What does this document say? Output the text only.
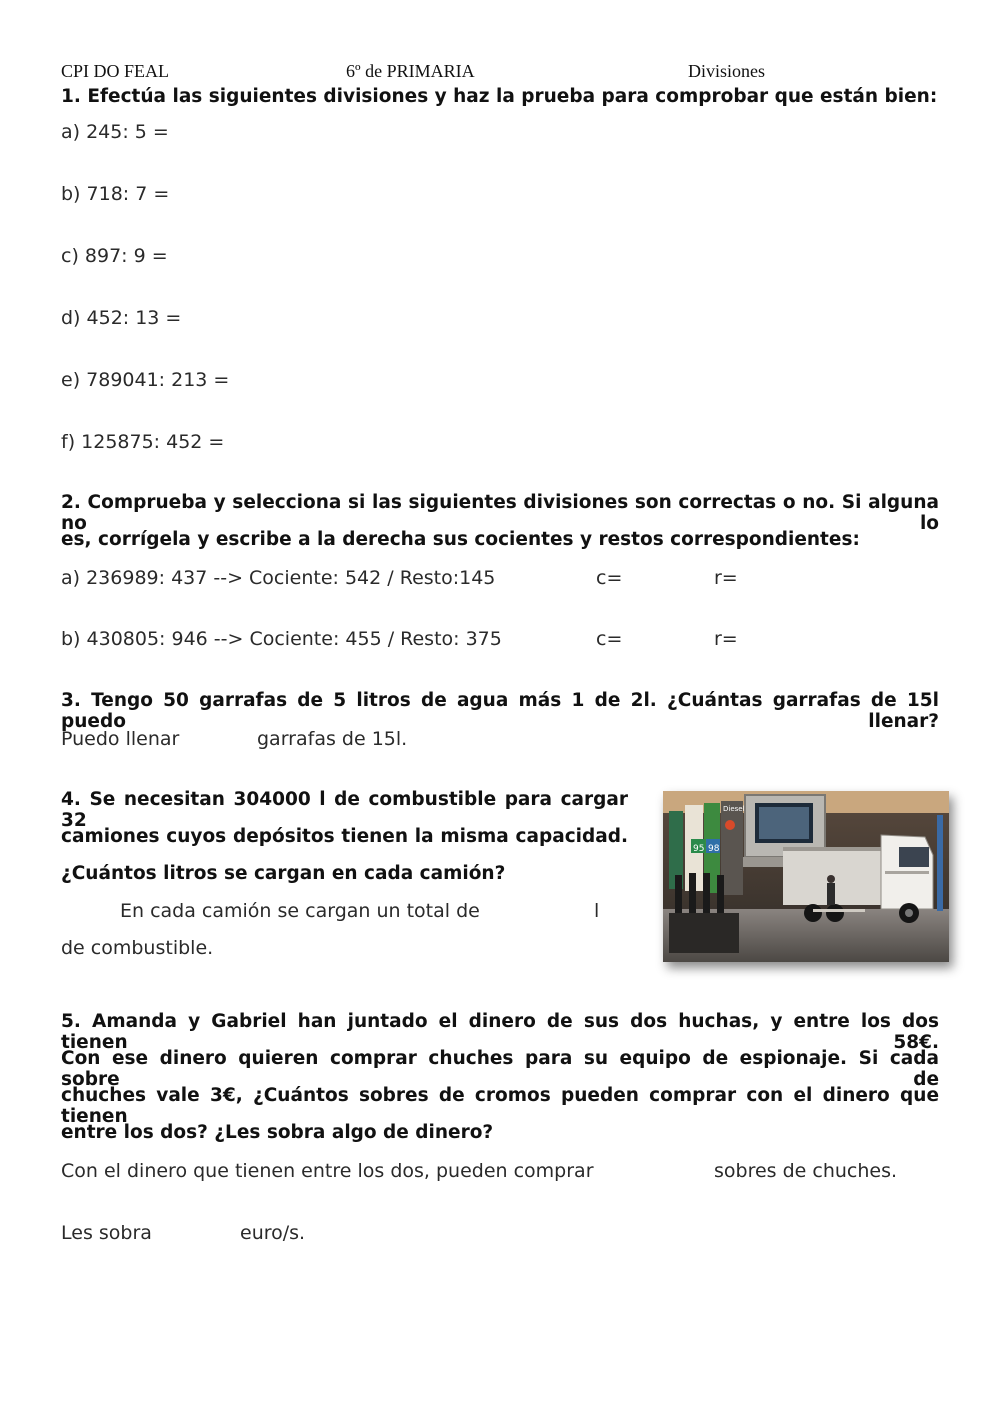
CPI DO FEAL	6º de PRIMARIA	Divisiones
1. Efectúa las siguientes divisiones y haz la prueba para comprobar que están bien:
a) 245: 5 =
b) 718: 7 =
c) 897: 9 =
d) 452: 13 =
e) 789041: 213 =
f) 125875: 452 =
2. Comprueba y selecciona si las siguientes divisiones son correctas o no. Si alguna no lo
es, corrígela y escribe a la derecha sus cocientes y restos correspondientes:
a) 236989: 437 --> Cociente: 542 / Resto:145	c=	r=
b) 430805: 946 --> Cociente: 455 / Resto: 375	c=	r=
3. Tengo 50 garrafas de 5 litros de agua más 1 de 2l. ¿Cuántas garrafas de 15l puedo llenar?
Puedo llenar	garrafas de 15l.
4. Se necesitan 304000 l de combustible para cargar 32
camiones cuyos depósitos tienen la misma capacidad.
¿Cuántos litros se cargan en cada camión?
En cada camión se cargan un total de	l
de combustible.
95 98
Diesel
5. Amanda y Gabriel han juntado el dinero de sus dos huchas, y entre los dos tienen 58€.
Con ese dinero quieren comprar chuches para su equipo de espionaje. Si cada sobre de
chuches vale 3€, ¿Cuántos sobres de cromos pueden comprar con el dinero que tienen
entre los dos? ¿Les sobra algo de dinero?
Con el dinero que tienen entre los dos, pueden comprar	sobres de chuches.
Les sobra	euro/s.
